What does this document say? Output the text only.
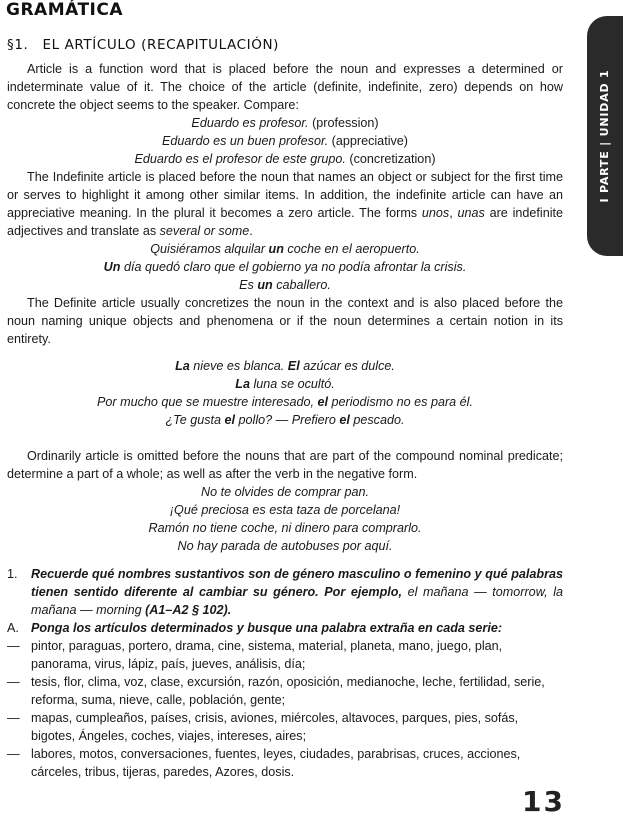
GRAMÁTICA
§1. EL ARTÍCULO (RECAPITULACIÓN)
I PARTE | UNIDAD 1

Article is a function word that is placed before the noun and expresses a determined or indeterminate value of it. The choice of the article (definite, indefinite, zero) depends on how concrete the object seems to the speaker. Compare:

Eduardo es profesor. (profession)
Eduardo es un buen profesor. (appreciative)
Eduardo es el profesor de este grupo. (concretization)

The Indefinite article is placed before the noun that names an object or subject for the first time or serves to highlight it among other similar items. In addition, the indefinite article can have an appreciative meaning. In the plural it becomes a zero article. The forms unos, unas are indefinite adjectives and translate as several or some.

Quisiéramos alquilar un coche en el aeropuerto.
Un día quedó claro que el gobierno ya no podía afrontar la crisis.
Es un caballero.

The Definite article usually concretizes the noun in the context and is also placed before the noun naming unique objects and phenomena or if the noun determines a certain notion in its entirety.

La nieve es blanca. El azúcar es dulce.
La luna se ocultó.
Por mucho que se muestre interesado, el periodismo no es para él.
¿Te gusta el pollo? — Prefiero el pescado.

Ordinarily article is omitted before the nouns that are part of the compound nominal predicate; determine a part of a whole; as well as after the verb in the negative form.

No te olvides de comprar pan.
¡Qué preciosa es esta taza de porcelana!
Ramón no tiene coche, ni dinero para comprarlo.
No hay parada de autobuses por aquí.
1.	Recuerde qué nombres sustantivos son de género masculino o femenino y qué palabras tienen sentido diferente al cambiar su género. Por ejemplo, el mañana — tomorrow, la mañana — morning (A1–A2 § 102).
A. Ponga los artículos determinados y busque una palabra extraña en cada serie:
— pintor, paraguas, portero, drama, cine, sistema, material, planeta, mano, juego, plan, panorama, virus, lápiz, país, jueves, análisis, día;
— tesis, flor, clima, voz, clase, excursión, razón, oposición, medianoche, leche, fertilidad, serie, reforma, suma, nieve, calle, población, gente;
— mapas, cumpleaños, países, crisis, aviones, miércoles, altavoces, parques, pies, sofás, bigotes, Ángeles, coches, viajes, intereses, aires;
— labores, motos, conversaciones, fuentes, leyes, ciudades, parabrisas, cruces, acciones, cárceles, tribus, tijeras, paredes, Azores, dosis.
13
